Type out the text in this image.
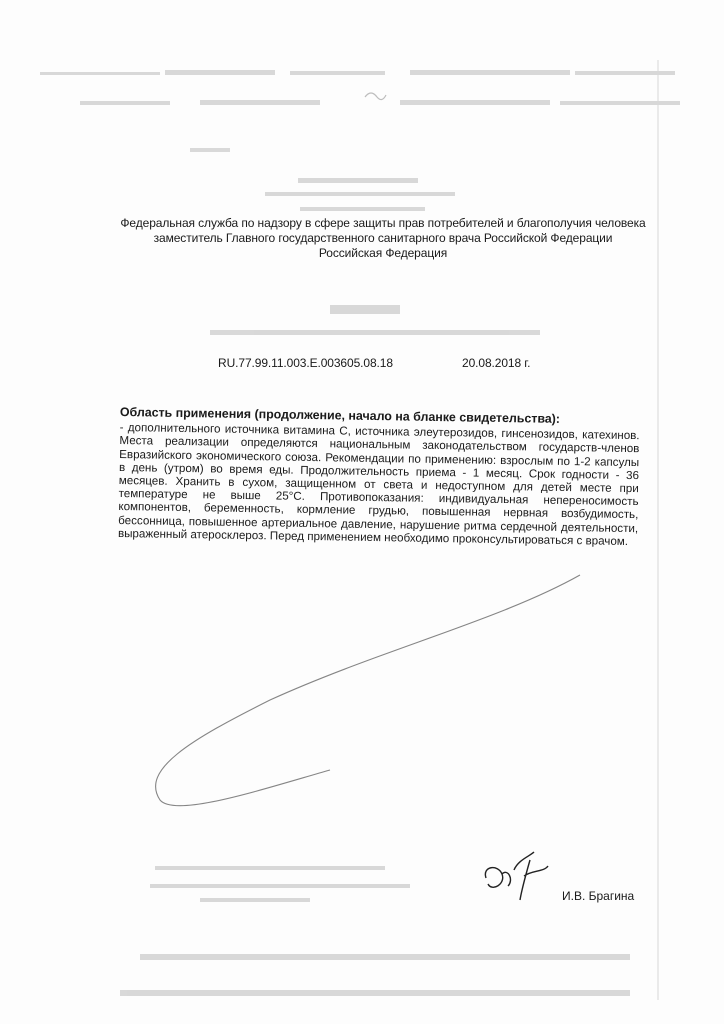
Федеральная служба по надзору в сфере защиты прав потребителей и благополучия человека
заместитель Главного государственного санитарного врача Российской Федерации
Российская Федерация
RU.77.99.11.003.E.003605.08.18	20.08.2018 г.
Область применения (продолжение, начало на бланке свидетельства):
- дополнительного источника витамина С, источника элеутерозидов, гинсенозидов, катехинов. Места реализации определяются национальным законодательством государств-членов Евразийского экономического союза. Рекомендации по применению: взрослым по 1-2 капсулы в день (утром) во время еды. Продолжительность приема - 1 месяц. Срок годности - 36 месяцев. Хранить в сухом, защищенном от света и недоступном для детей месте при температуре не выше 25°С. Противопоказания: индивидуальная непереносимость компонентов, беременность, кормление грудью, повышенная нервная возбудимость, бессонница, повышенное артериальное давление, нарушение ритма сердечной деятельности, выраженный атеросклероз. Перед применением необходимо проконсультироваться с врачом.
И.В. Брагина
